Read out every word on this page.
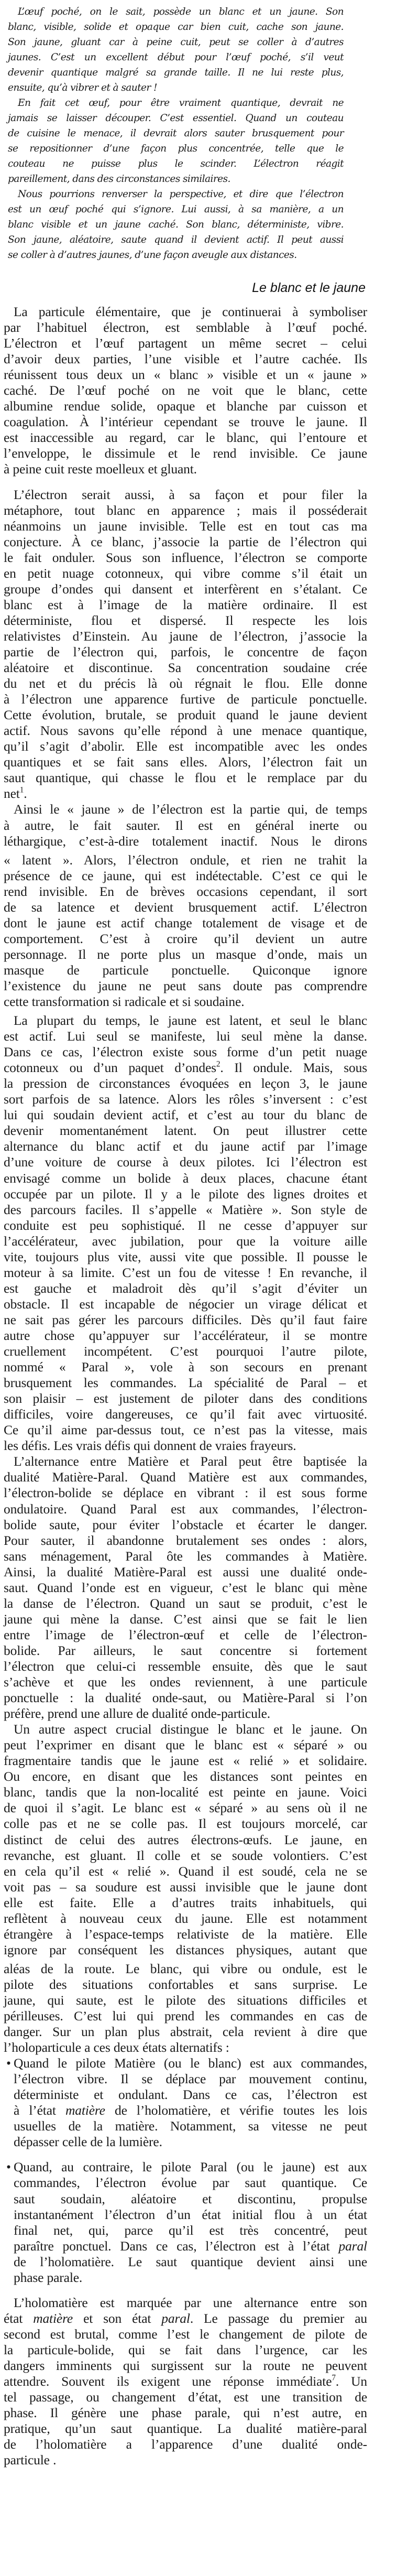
L’œuf poché, on le sait, possède un blanc et un jaune. Son
blanc, visible, solide et opaque car bien cuit, cache son jaune.
Son jaune, gluant car à peine cuit, peut se coller à d’autres
jaunes. C’est un excellent début pour l’œuf poché, s’il veut
devenir quantique malgré sa grande taille. Il ne lui reste plus,
ensuite, qu’à vibrer et à sauter !
En fait cet œuf, pour être vraiment quantique, devrait ne
jamais se laisser découper. C’est essentiel. Quand un couteau
de cuisine le menace, il devrait alors sauter brusquement pour
se repositionner d’une façon plus concentrée, telle que le
couteau ne puisse plus le scinder. L’électron réagit
pareillement, dans des circonstances similaires.
Nous pourrions renverser la perspective, et dire que l’électron
est un œuf poché qui s’ignore. Lui aussi, à sa manière, a un
blanc visible et un jaune caché. Son blanc, déterministe, vibre.
Son jaune, aléatoire, saute quand il devient actif. Il peut aussi
se coller à d’autres jaunes, d’une façon aveugle aux distances.
Le blanc et le jaune
La particule élémentaire, que je continuerai à symboliser
par l’habituel électron, est semblable à l’œuf poché.
L’électron et l’œuf partagent un même secret – celui
d’avoir deux parties, l’une visible et l’autre cachée. Ils
réunissent tous deux un « blanc » visible et un « jaune »
caché. De l’œuf poché on ne voit que le blanc, cette
albumine rendue solide, opaque et blanche par cuisson et
coagulation. À l’intérieur cependant se trouve le jaune. Il
est inaccessible au regard, car le blanc, qui l’entoure et
l’enveloppe, le dissimule et le rend invisible. Ce jaune
à peine cuit reste moelleux et gluant.
L’électron serait aussi, à sa façon et pour filer la
métaphore, tout blanc en apparence ; mais il posséderait
néanmoins un jaune invisible. Telle est en tout cas ma
conjecture. À ce blanc, j’associe la partie de l’électron qui
le fait onduler. Sous son influence, l’électron se comporte
en petit nuage cotonneux, qui vibre comme s’il était un
groupe d’ondes qui dansent et interfèrent en s’étalant. Ce
blanc est à l’image de la matière ordinaire. Il est
déterministe, flou et dispersé. Il respecte les lois
relativistes d’Einstein. Au jaune de l’électron, j’associe la
partie de l’électron qui, parfois, le concentre de façon
aléatoire et discontinue. Sa concentration soudaine crée
du net et du précis là où régnait le flou. Elle donne
à l’électron une apparence furtive de particule ponctuelle.
Cette évolution, brutale, se produit quand le jaune devient
actif. Nous savons qu’elle répond à une menace quantique,
qu’il s’agit d’abolir. Elle est incompatible avec les ondes
quantiques et se fait sans elles. Alors, l’électron fait un
saut quantique, qui chasse le flou et le remplace par du
net$^1$.
Ainsi le « jaune » de l’électron est la partie qui, de temps
à autre, le fait sauter. Il est en général inerte ou
léthargique, c’est-à-dire totalement inactif. Nous le dirons
« latent ». Alors, l’électron ondule, et rien ne trahit la
présence de ce jaune, qui est indétectable. C’est ce qui le
rend invisible. En de brèves occasions cependant, il sort
de sa latence et devient brusquement actif. L’électron
dont le jaune est actif change totalement de visage et de
comportement. C’est à croire qu’il devient un autre
personnage. Il ne porte plus un masque d’onde, mais un
masque de particule ponctuelle. Quiconque ignore
l’existence du jaune ne peut sans doute pas comprendre
cette transformation si radicale et si soudaine.
La plupart du temps, le jaune est latent, et seul le blanc
est actif. Lui seul se manifeste, lui seul mène la danse.
Dans ce cas, l’électron existe sous forme d’un petit nuage
cotonneux ou d’un paquet d’ondes$^2$. Il ondule. Mais, sous
la pression de circonstances évoquées en leçon 3, le jaune
sort parfois de sa latence. Alors les rôles s’inversent : c’est
lui qui soudain devient actif, et c’est au tour du blanc de
devenir momentanément latent. On peut illustrer cette
alternance du blanc actif et du jaune actif par l’image
d’une voiture de course à deux pilotes. Ici l’électron est
envisagé comme un bolide à deux places, chacune étant
occupée par un pilote. Il y a le pilote des lignes droites et
des parcours faciles. Il s’appelle « Matière ». Son style de
conduite est peu sophistiqué. Il ne cesse d’appuyer sur
l’accélérateur, avec jubilation, pour que la voiture aille
vite, toujours plus vite, aussi vite que possible. Il pousse le
moteur à sa limite. C’est un fou de vitesse ! En revanche, il
est gauche et maladroit dès qu’il s’agit d’éviter un
obstacle. Il est incapable de négocier un virage délicat et
ne sait pas gérer les parcours difficiles. Dès qu’il faut faire
autre chose qu’appuyer sur l’accélérateur, il se montre
cruellement incompétent. C’est pourquoi l’autre pilote,
nommé « Paral », vole à son secours en prenant
brusquement les commandes. La spécialité de Paral – et
son plaisir – est justement de piloter dans des conditions
difficiles, voire dangereuses, ce qu’il fait avec virtuosité.
Ce qu’il aime par-dessus tout, ce n’est pas la vitesse, mais
les défis. Les vrais défis qui donnent de vraies frayeurs.
L’alternance entre Matière et Paral peut être baptisée la
dualité Matière-Paral. Quand Matière est aux commandes,
l’électron-bolide se déplace en vibrant : il est sous forme
ondulatoire. Quand Paral est aux commandes, l’électron-
bolide saute, pour éviter l’obstacle et écarter le danger.
Pour sauter, il abandonne brutalement ses ondes : alors,
sans ménagement, Paral ôte les commandes à Matière.
Ainsi, la dualité Matière-Paral est aussi une dualité onde-
saut. Quand l’onde est en vigueur, c’est le blanc qui mène
la danse de l’électron. Quand un saut se produit, c’est le
jaune qui mène la danse. C’est ainsi que se fait le lien
entre l’image de l’électron-œuf et celle de l’électron-
bolide. Par ailleurs, le saut concentre si fortement
l’électron que celui-ci ressemble ensuite, dès que le saut
s’achève et que les ondes reviennent, à une particule
ponctuelle : la dualité onde-saut, ou Matière-Paral si l’on
préfère, prend une allure de dualité onde-particule.
Un autre aspect crucial distingue le blanc et le jaune. On
peut l’exprimer en disant que le blanc est « séparé » ou
fragmentaire tandis que le jaune est « relié » et solidaire.
Ou encore, en disant que les distances sont peintes en
blanc, tandis que la non-localité est peinte en jaune. Voici
de quoi il s’agit. Le blanc est « séparé » au sens où il ne
colle pas et ne se colle pas. Il est toujours morcelé, car
distinct de celui des autres électrons-œufs. Le jaune, en
revanche, est gluant. Il colle et se soude volontiers. C’est
en cela qu’il est « relié ». Quand il est soudé, cela ne se
voit pas – sa soudure est aussi invisible que le jaune dont
elle est faite. Elle a d’autres traits inhabituels, qui
reflètent à nouveau ceux du jaune. Elle est notamment
étrangère à l’espace-temps relativiste de la matière. Elle
ignore par conséquent les distances physiques, autant que
aléas de la route. Le blanc, qui vibre ou ondule, est le
pilote des situations confortables et sans surprise. Le
jaune, qui saute, est le pilote des situations difficiles et
périlleuses. C’est lui qui prend les commandes en cas de
danger. Sur un plan plus abstrait, cela revient à dire que
l’holoparticule a ces deux états alternatifs :
• Quand le pilote Matière (ou le blanc) est aux commandes,
l’électron vibre. Il se déplace par mouvement continu,
déterministe et ondulant. Dans ce cas, l’électron est
à l’état matière de l’holomatière, et vérifie toutes les lois
usuelles de la matière. Notamment, sa vitesse ne peut
dépasser celle de la lumière.
• Quand, au contraire, le pilote Paral (ou le jaune) est aux
commandes, l’électron évolue par saut quantique. Ce
saut soudain, aléatoire et discontinu, propulse
instantanément l’électron d’un état initial flou à un état
final net, qui, parce qu’il est très concentré, peut
paraître ponctuel. Dans ce cas, l’électron est à l’état paral
de l’holomatière. Le saut quantique devient ainsi une
phase parale.
L’holomatière est marquée par une alternance entre son
état matière et son état paral. Le passage du premier au
second est brutal, comme l’est le changement de pilote de
la particule-bolide, qui se fait dans l’urgence, car les
dangers imminents qui surgissent sur la route ne peuvent
attendre. Souvent ils exigent une réponse immédiate$^7$. Un
tel passage, ou changement d’état, est une transition de
phase. Il génère une phase parale, qui n’est autre, en
pratique, qu’un saut quantique. La dualité matière-paral
de l’holomatière a l’apparence d’une dualité onde-
particule .
